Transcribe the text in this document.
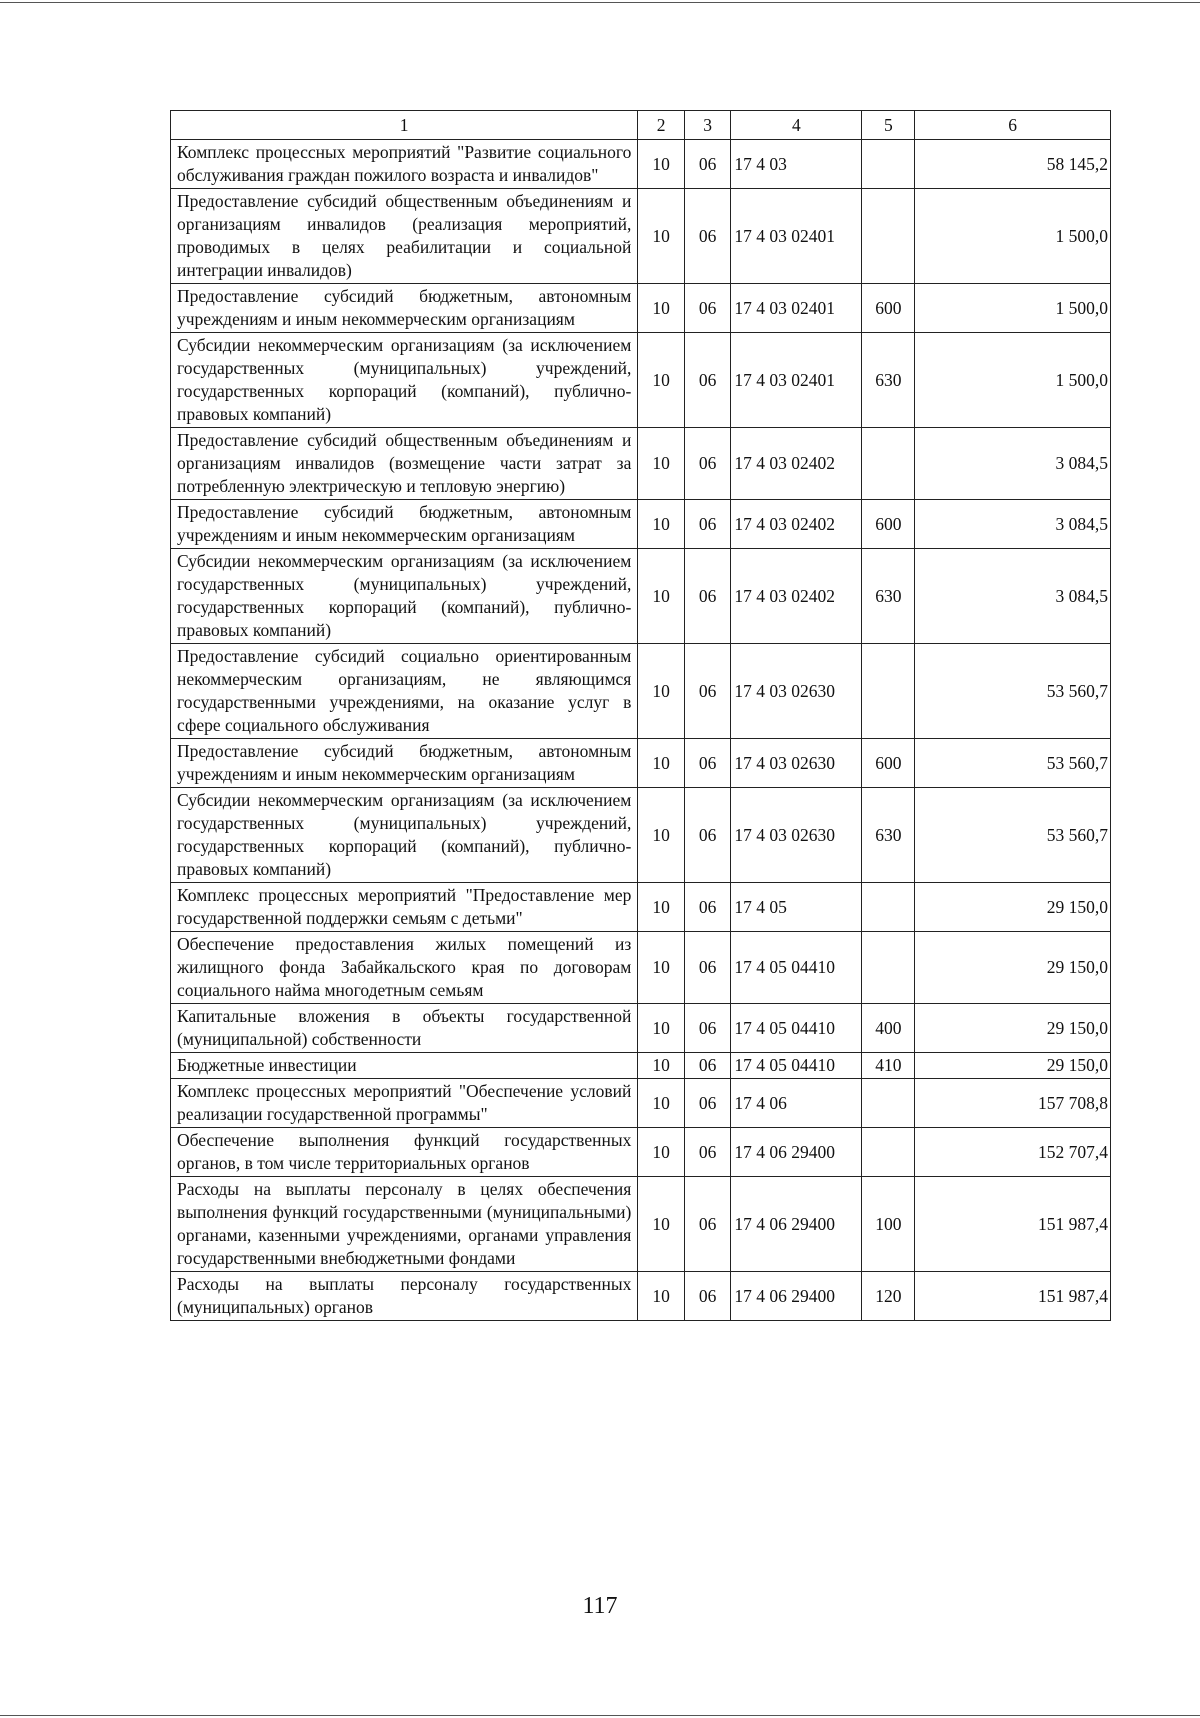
1	2	3	4	5	6
Комплекс процессных мероприятий "Развитие социального обслуживания граждан пожилого возраста и инвалидов"	10	06	17 4 03		58 145,2
Предоставление субсидий общественным объединениям и организациям инвалидов (реализация мероприятий, проводимых в целях реабилитации и социальной интеграции инвалидов)	10	06	17 4 03 02401		1 500,0
Предоставление субсидий бюджетным, автономным учреждениям и иным некоммерческим организациям	10	06	17 4 03 02401	600	1 500,0
Субсидии некоммерческим организациям (за исключением государственных (муниципальных) учреждений, государственных корпораций (компаний), публично-правовых компаний)	10	06	17 4 03 02401	630	1 500,0
Предоставление субсидий общественным объединениям и организациям инвалидов (возмещение части затрат за потребленную электрическую и тепловую энергию)	10	06	17 4 03 02402		3 084,5
Предоставление субсидий бюджетным, автономным учреждениям и иным некоммерческим организациям	10	06	17 4 03 02402	600	3 084,5
Субсидии некоммерческим организациям (за исключением государственных (муниципальных) учреждений, государственных корпораций (компаний), публично-правовых компаний)	10	06	17 4 03 02402	630	3 084,5
Предоставление субсидий социально ориентированным некоммерческим организациям, не являющимся государственными учреждениями, на оказание услуг в сфере социального обслуживания	10	06	17 4 03 02630		53 560,7
Предоставление субсидий бюджетным, автономным учреждениям и иным некоммерческим организациям	10	06	17 4 03 02630	600	53 560,7
Субсидии некоммерческим организациям (за исключением государственных (муниципальных) учреждений, государственных корпораций (компаний), публично-правовых компаний)	10	06	17 4 03 02630	630	53 560,7
Комплекс процессных мероприятий "Предоставление мер государственной поддержки семьям с детьми"	10	06	17 4 05		29 150,0
Обеспечение предоставления жилых помещений из жилищного фонда Забайкальского края по договорам социального найма многодетным семьям	10	06	17 4 05 04410		29 150,0
Капитальные вложения в объекты государственной (муниципальной) собственности	10	06	17 4 05 04410	400	29 150,0
Бюджетные инвестиции	10	06	17 4 05 04410	410	29 150,0
Комплекс процессных мероприятий "Обеспечение условий реализации государственной программы"	10	06	17 4 06		157 708,8
Обеспечение выполнения функций государственных органов, в том числе территориальных органов	10	06	17 4 06 29400		152 707,4
Расходы на выплаты персоналу в целях обеспечения выполнения функций государственными (муниципальными) органами, казенными учреждениями, органами управления государственными внебюджетными фондами	10	06	17 4 06 29400	100	151 987,4
Расходы на выплаты персоналу государственных (муниципальных) органов	10	06	17 4 06 29400	120	151 987,4
117
